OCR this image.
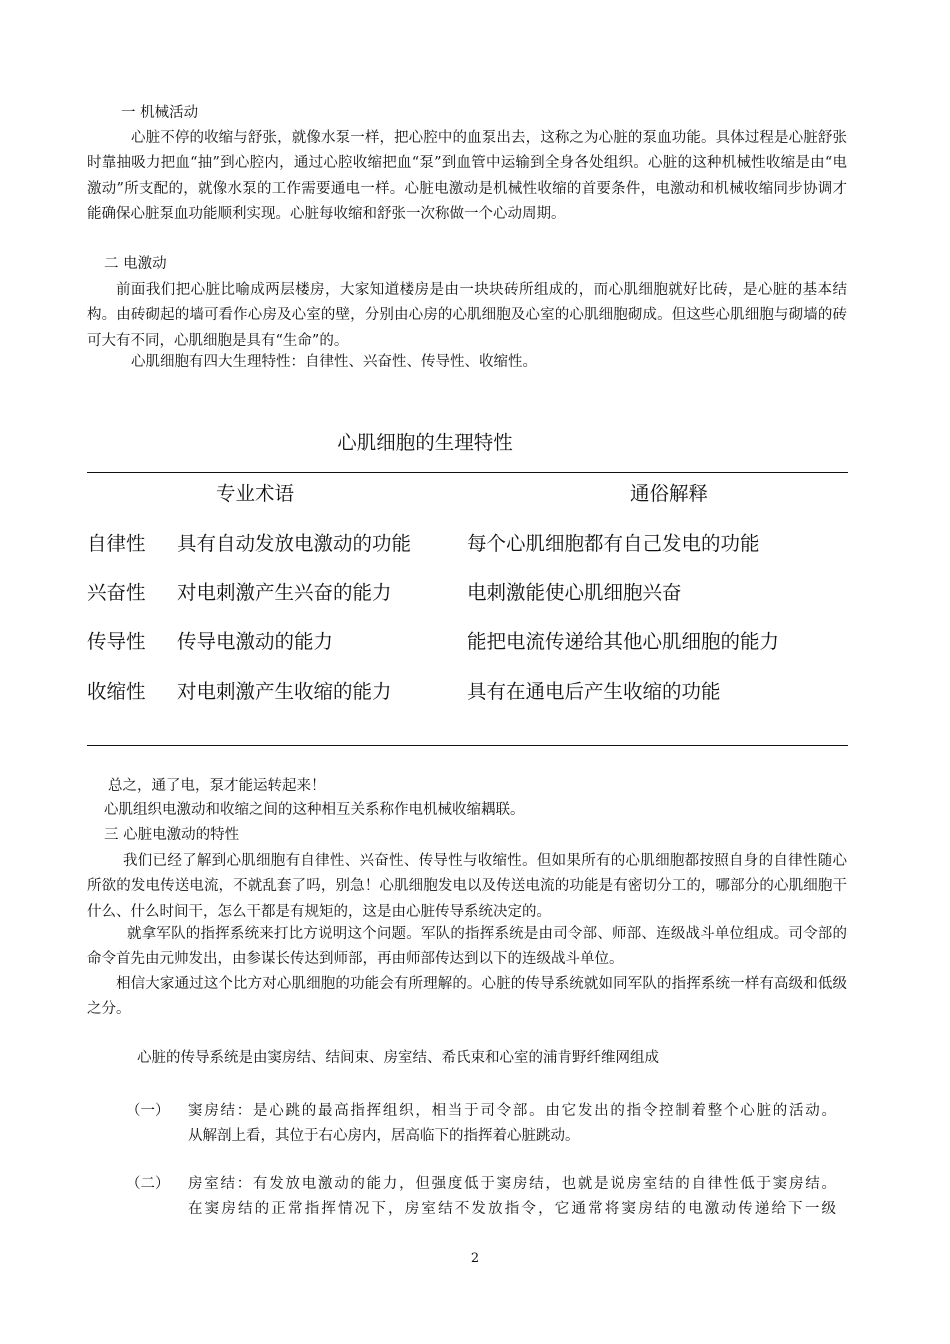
一 机械活动

心脏不停的收缩与舒张，就像水泵一样，把心腔中的血泵出去，这称之为心脏的泵血功能。具体过程是心脏舒张时靠抽吸力把血“抽”到心腔内，通过心腔收缩把血“泵”到血管中运输到全身各处组织。心脏的这种机械性收缩是由“电激动”所支配的，就像水泵的工作需要通电一样。心脏电激动是机械性收缩的首要条件，电激动和机械收缩同步协调才能确保心脏泵血功能顺利实现。心脏每收缩和舒张一次称做一个心动周期。

二 电激动

前面我们把心脏比喻成两层楼房，大家知道楼房是由一块块砖所组成的，而心肌细胞就好比砖，是心脏的基本结构。由砖砌起的墙可看作心房及心室的壁，分别由心房的心肌细胞及心室的心肌细胞砌成。但这些心肌细胞与砌墙的砖可大有不同，心肌细胞是具有“生命”的。

心肌细胞有四大生理特性：自律性、兴奋性、传导性、收缩性。

心肌细胞的生理特性
专业术语	通俗解释
自律性 具有自动发放电激动的功能	每个心肌细胞都有自己发电的功能
兴奋性 对电刺激产生兴奋的能力	电刺激能使心肌细胞兴奋
传导性 传导电激动的能力	能把电流传递给其他心肌细胞的能力
收缩性 对电刺激产生收缩的能力	具有在通电后产生收缩的功能
总之，通了电，泵才能运转起来！
心肌组织电激动和收缩之间的这种相互关系称作电机械收缩耦联。
三 心脏电激动的特性

我们已经了解到心肌细胞有自律性、兴奋性、传导性与收缩性。但如果所有的心肌细胞都按照自身的自律性随心所欲的发电传送电流，不就乱套了吗，别急！心肌细胞发电以及传送电流的功能是有密切分工的，哪部分的心肌细胞干什么、什么时间干，怎么干都是有规矩的，这是由心脏传导系统决定的。

就拿军队的指挥系统来打比方说明这个问题。军队的指挥系统是由司令部、师部、连级战斗单位组成。司令部的命令首先由元帅发出，由参谋长传达到师部，再由师部传达到以下的连级战斗单位。

相信大家通过这个比方对心肌细胞的功能会有所理解的。心脏的传导系统就如同军队的指挥系统一样有高级和低级之分。

心脏的传导系统是由窦房结、结间束、房室结、希氏束和心室的浦肯野纤维网组成
（一） 窦房结：是心跳的最高指挥组织，相当于司令部。由它发出的指令控制着整个心脏的活动。
从解剖上看，其位于右心房内，居高临下的指挥着心脏跳动。
（二） 房室结：有发放电激动的能力，但强度低于窦房结，也就是说房室结的自律性低于窦房结。
在窦房结的正常指挥情况下，房室结不发放指令，它通常将窦房结的电激动传递给下一级
2
